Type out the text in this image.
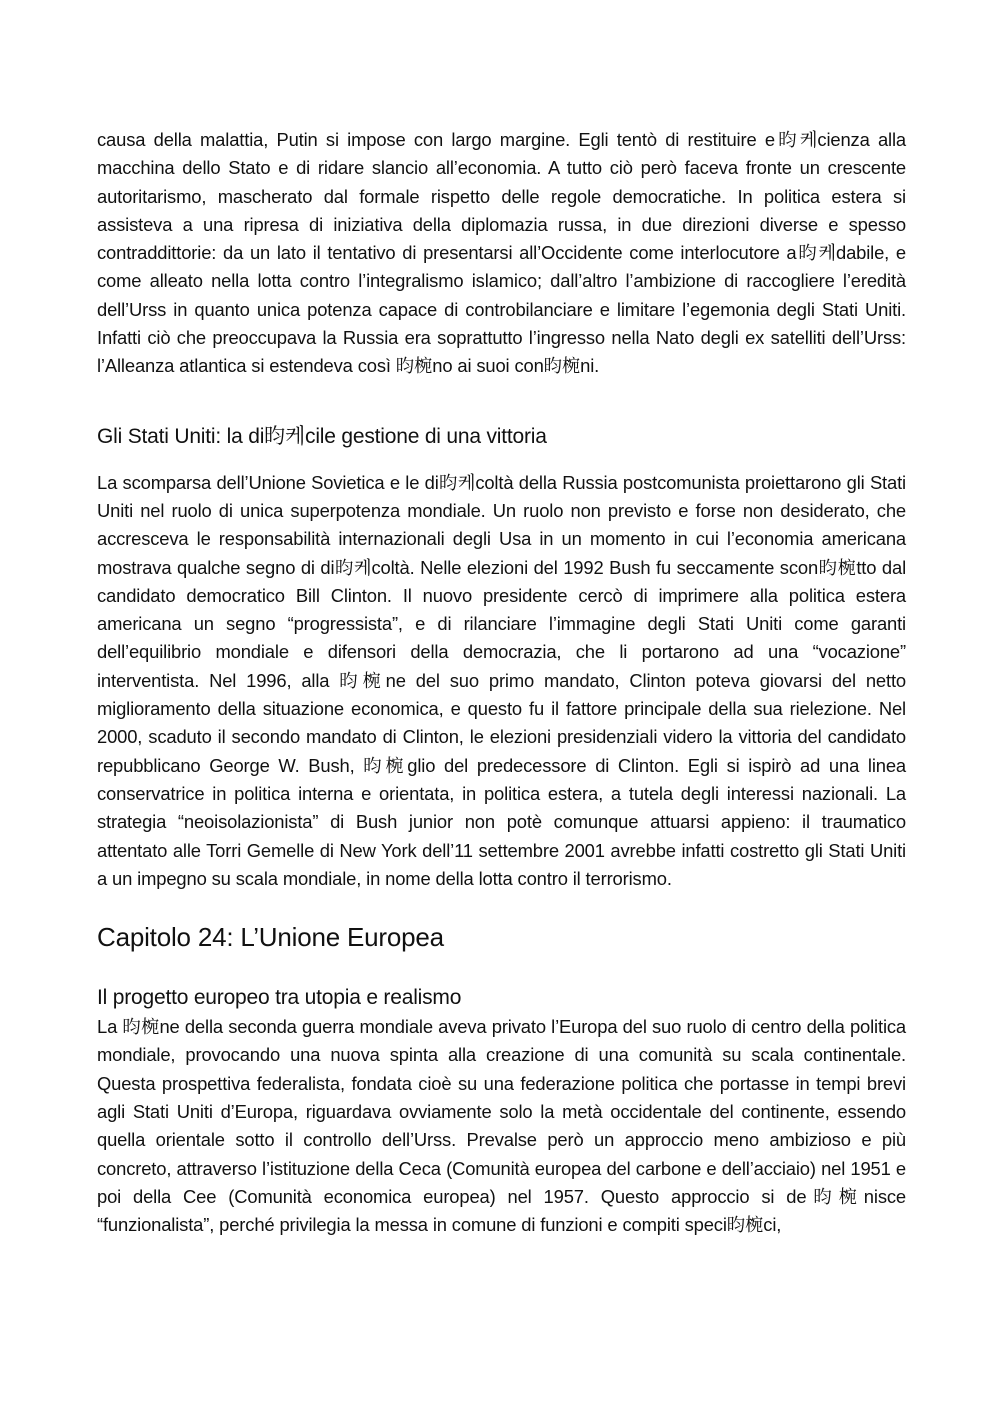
causa della malattia, Putin si impose con largo margine. Egli tentò di restituire e昀케cienza alla macchina dello Stato e di ridare slancio all’economia. A tutto ciò però faceva fronte un crescente autoritarismo, mascherato dal formale rispetto delle regole democratiche. In politica estera si assisteva a una ripresa di iniziativa della diplomazia russa, in due direzioni diverse e spesso contraddittorie: da un lato il tentativo di presentarsi all’Occidente come interlocutore a昀케dabile, e come alleato nella lotta contro l’integralismo islamico; dall’altro l’ambizione di raccogliere l’eredità dell’Urss in quanto unica potenza capace di controbilanciare e limitare l’egemonia degli Stati Uniti. Infatti ciò che preoccupava la Russia era soprattutto l’ingresso nella Nato degli ex satelliti dell’Urss: l’Alleanza atlantica si estendeva così 昀椀no ai suoi con昀椀ni.

Gli Stati Uniti: la di昀케cile gestione di una vittoria

La scomparsa dell’Unione Sovietica e le di昀케coltà della Russia postcomunista proiettarono gli Stati Uniti nel ruolo di unica superpotenza mondiale. Un ruolo non previsto e forse non desiderato, che accresceva le responsabilità internazionali degli Usa in un momento in cui l’economia americana mostrava qualche segno di di昀케coltà. Nelle elezioni del 1992 Bush fu seccamente scon昀椀tto dal candidato democratico Bill Clinton. Il nuovo presidente cercò di imprimere alla politica estera americana un segno “progressista”, e di rilanciare l’immagine degli Stati Uniti come garanti dell’equilibrio mondiale e difensori della democrazia, che li portarono ad una “vocazione” interventista. Nel 1996, alla 昀椀ne del suo primo mandato, Clinton poteva giovarsi del netto miglioramento della situazione economica, e questo fu il fattore principale della sua rielezione. Nel 2000, scaduto il secondo mandato di Clinton, le elezioni presidenziali videro la vittoria del candidato repubblicano George W. Bush, 昀椀glio del predecessore di Clinton. Egli si ispirò ad una linea conservatrice in politica interna e orientata, in politica estera, a tutela degli interessi nazionali. La strategia “neoisolazionista” di Bush junior non potè comunque attuarsi appieno: il traumatico attentato alle Torri Gemelle di New York dell’11 settembre 2001 avrebbe infatti costretto gli Stati Uniti a un impegno su scala mondiale, in nome della lotta contro il terrorismo.

Capitolo 24: L’Unione Europea
Il progetto europeo tra utopia e realismo

La 昀椀ne della seconda guerra mondiale aveva privato l’Europa del suo ruolo di centro della politica mondiale, provocando una nuova spinta alla creazione di una comunità su scala continentale. Questa prospettiva federalista, fondata cioè su una federazione politica che portasse in tempi brevi agli Stati Uniti d’Europa, riguardava ovviamente solo la metà occidentale del continente, essendo quella orientale sotto il controllo dell’Urss. Prevalse però un approccio meno ambizioso e più concreto, attraverso l’istituzione della Ceca (Comunità europea del carbone e dell’acciaio) nel 1951 e poi della Cee (Comunità economica europea) nel 1957. Questo approccio si de昀椀nisce “funzionalista”, perché privilegia la messa in comune di funzioni e compiti speci昀椀ci,
